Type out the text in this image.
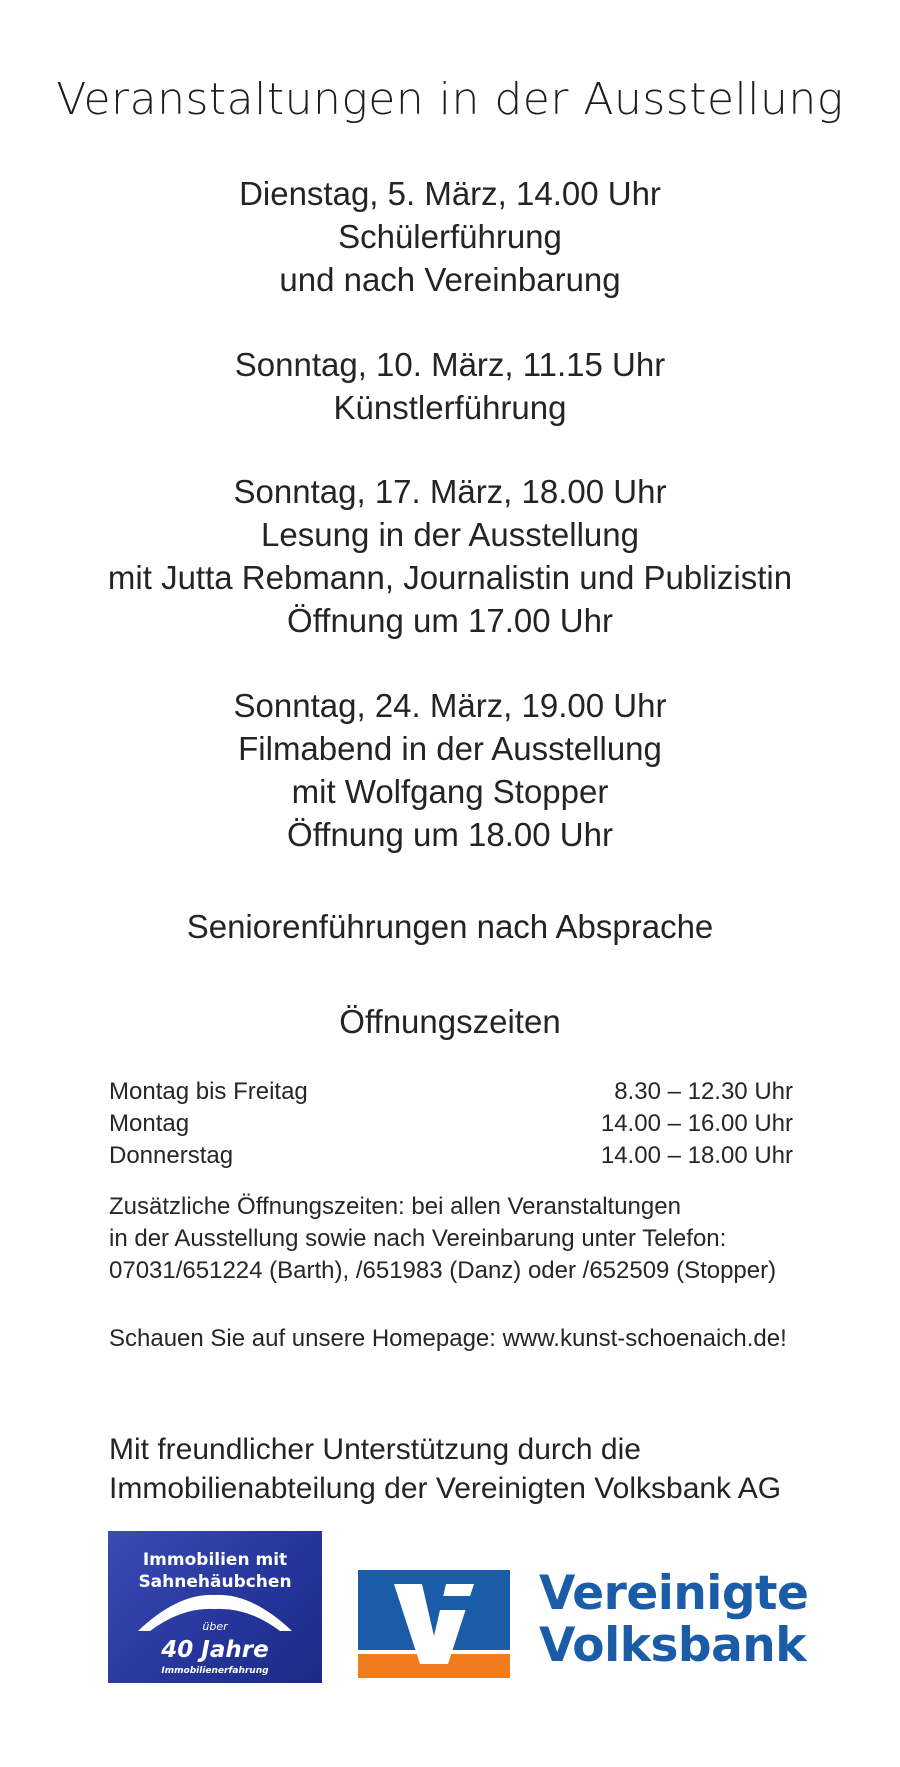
Veranstaltungen in der Ausstellung
Dienstag, 5. März, 14.00 Uhr
Schülerführung
und nach Vereinbarung
Sonntag, 10. März, 11.15 Uhr
Künstlerführung
Sonntag, 17. März, 18.00 Uhr
Lesung in der Ausstellung
mit Jutta Rebmann, Journalistin und Publizistin
Öffnung um 17.00 Uhr
Sonntag, 24. März, 19.00 Uhr
Filmabend in der Ausstellung
mit Wolfgang Stopper
Öffnung um 18.00 Uhr
Seniorenführungen nach Absprache
Öffnungszeiten
Montag bis Freitag	8.30 – 12.30 Uhr
Montag	14.00 – 16.00 Uhr
Donnerstag	14.00 – 18.00 Uhr
Zusätzliche Öffnungszeiten: bei allen Veranstaltungen
in der Ausstellung sowie nach Vereinbarung unter Telefon:
07031/651224 (Barth), /651983 (Danz) oder /652509 (Stopper)
Schauen Sie auf unsere Homepage: www.kunst-schoenaich.de!
Mit freundlicher Unterstützung durch die
Immobilienabteilung der Vereinigten Volksbank AG
Immobilien mit
Sahnehäubchen
über
40 Jahre
Immobilienerfahrung
Vereinigte
Volksbank
